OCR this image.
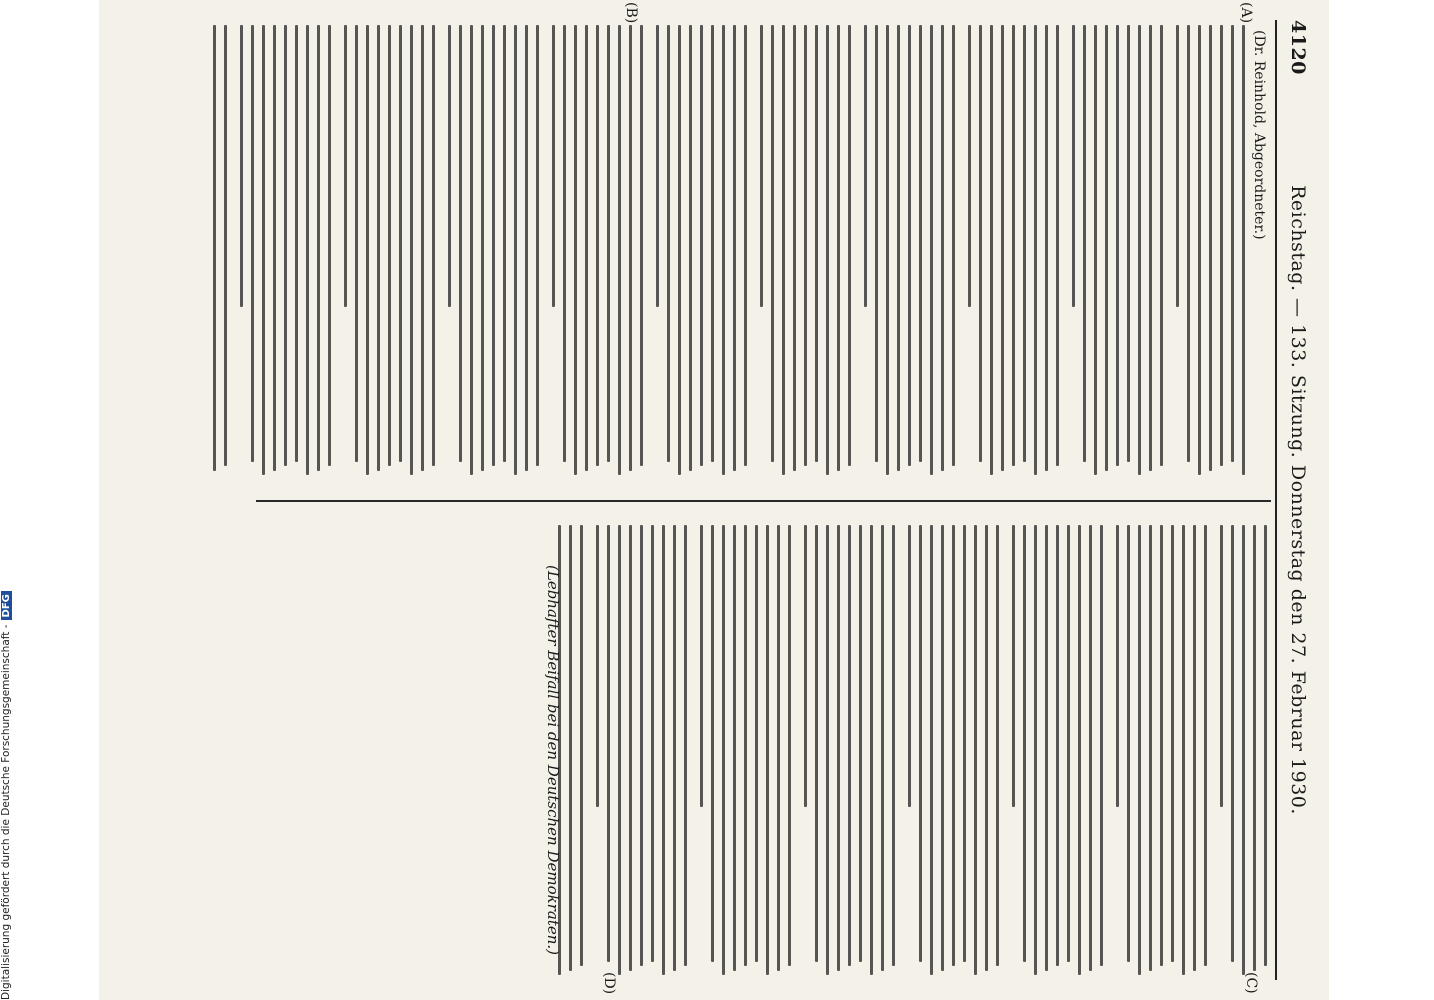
4120
Reichstag. — 133. Sitzung. Donnerstag den 27. Februar 1930.
(Dr. Reinhold, Abgeordneter.)
(Lebhafter Beifall bei den Deutschen Demokraten.)
(A)
(B)
(C)
(D)
Digitalisierung gefördert durch die Deutsche Forschungsgemeinschaft -DFG
